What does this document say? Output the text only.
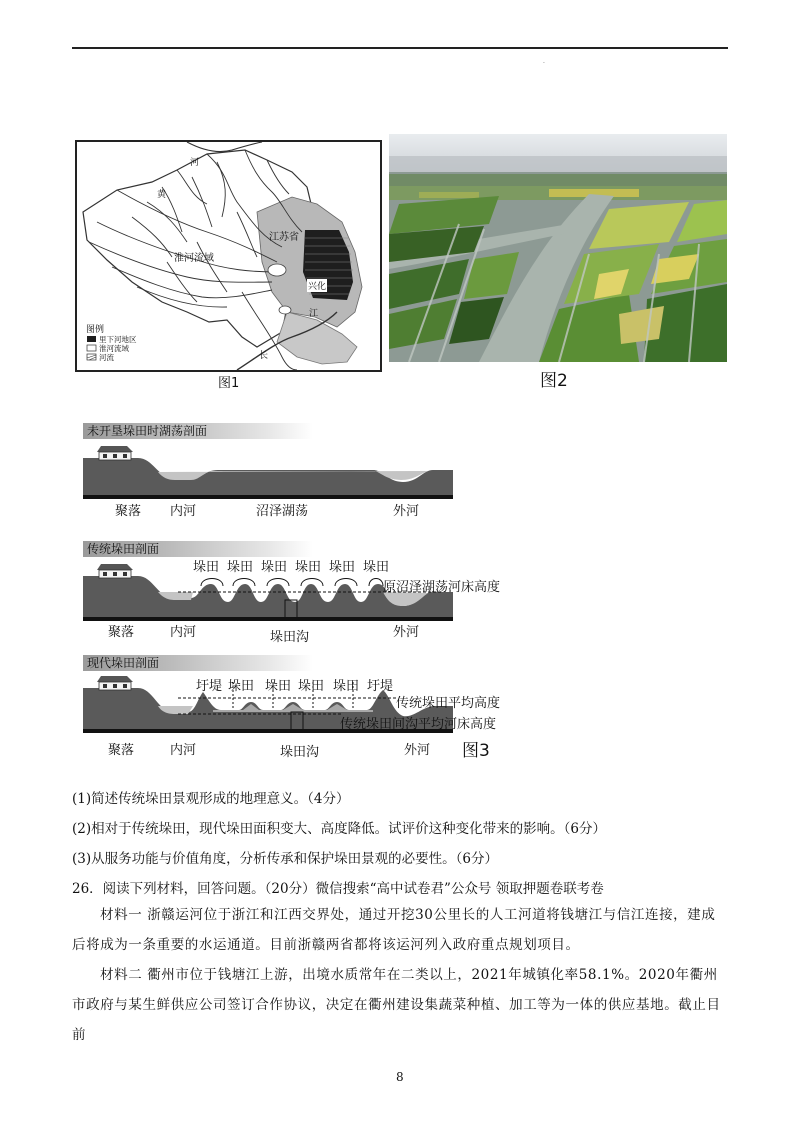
·
河
黄
江苏省
淮河流域
兴化
江
长
图例
里下河地区
淮河流域
河流
图1	图2
未开垦垛田时湖荡剖面
聚落 内河	沼泽湖荡	外河
传统垛田剖面
垛田 垛田 垛田 垛田 垛田 垛田
原沼泽湖荡河床高度
聚落	内河	垛田沟	外河
现代垛田剖面
圩堤 垛田 垛田 垛田 垛田 圩堤
传统垛田平均高度
传统垛田间沟平均河床高度
聚落	内河	垛田沟	外河 图3
(1)简述传统垛田景观形成的地理意义。（4分）
(2)相对于传统垛田，现代垛田面积变大、高度降低。试评价这种变化带来的影响。（6分）
(3)从服务功能与价值角度，分析传承和保护垛田景观的必要性。（6分）
26．阅读下列材料，回答问题。（20分）微信搜索“高中试卷君”公众号 领取押题卷联考卷
材料一 浙赣运河位于浙江和江西交界处，通过开挖30公里长的人工河道将钱塘江与信江连接，建成后将成为一条重要的水运通道。目前浙赣两省都将该运河列入政府重点规划项目。
材料二 衢州市位于钱塘江上游，出境水质常年在二类以上，2021年城镇化率58.1%。2020年衢州市政府与某生鲜供应公司签订合作协议，决定在衢州建设集蔬菜种植、加工等为一体的供应基地。截止目前
8
